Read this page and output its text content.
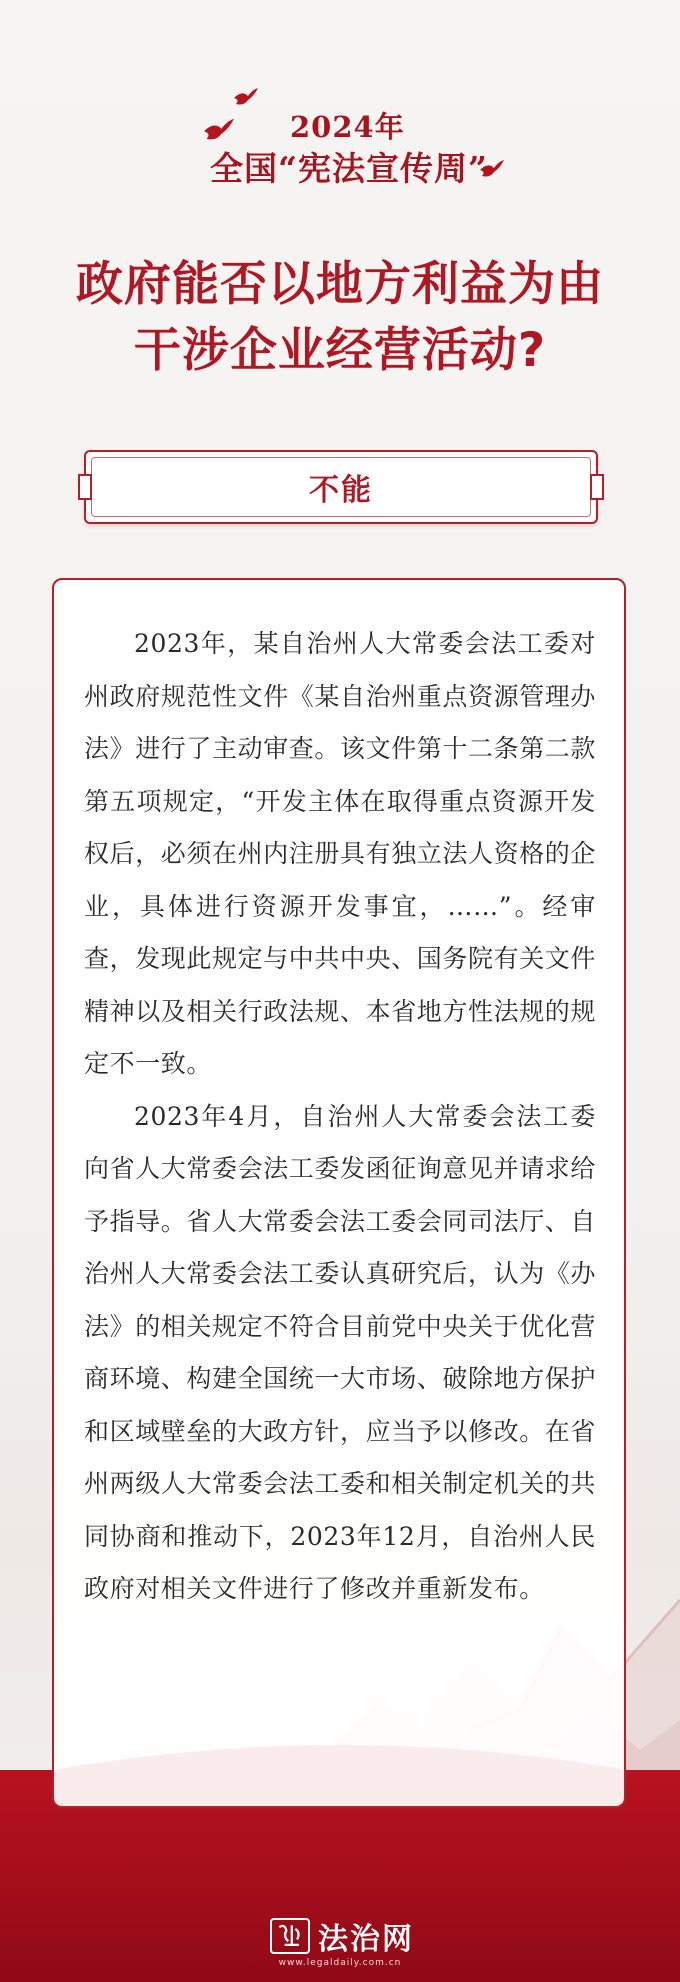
2024年
全国“宪法宣传周”
政府能否以地方利益为由
干涉企业经营活动?
不能

2023年，某自治州人大常委会法工委对州政府规范性文件《某自治州重点资源管理办法》进行了主动审查。该文件第十二条第二款第五项规定，“开发主体在取得重点资源开发权后，必须在州内注册具有独立法人资格的企业，具体进行资源开发事宜，……”。经审查，发现此规定与中共中央、国务院有关文件精神以及相关行政法规、本省地方性法规的规定不一致。

2023年4月，自治州人大常委会法工委向省人大常委会法工委发函征询意见并请求给予指导。省人大常委会法工委会同司法厅、自治州人大常委会法工委认真研究后，认为《办法》的相关规定不符合目前党中央关于优化营商环境、构建全国统一大市场、破除地方保护和区域壁垒的大政方针，应当予以修改。在省州两级人大常委会法工委和相关制定机关的共同协商和推动下，2023年12月，自治州人民政府对相关文件进行了修改并重新发布。

法治网
www.legaldaily.com.cn
